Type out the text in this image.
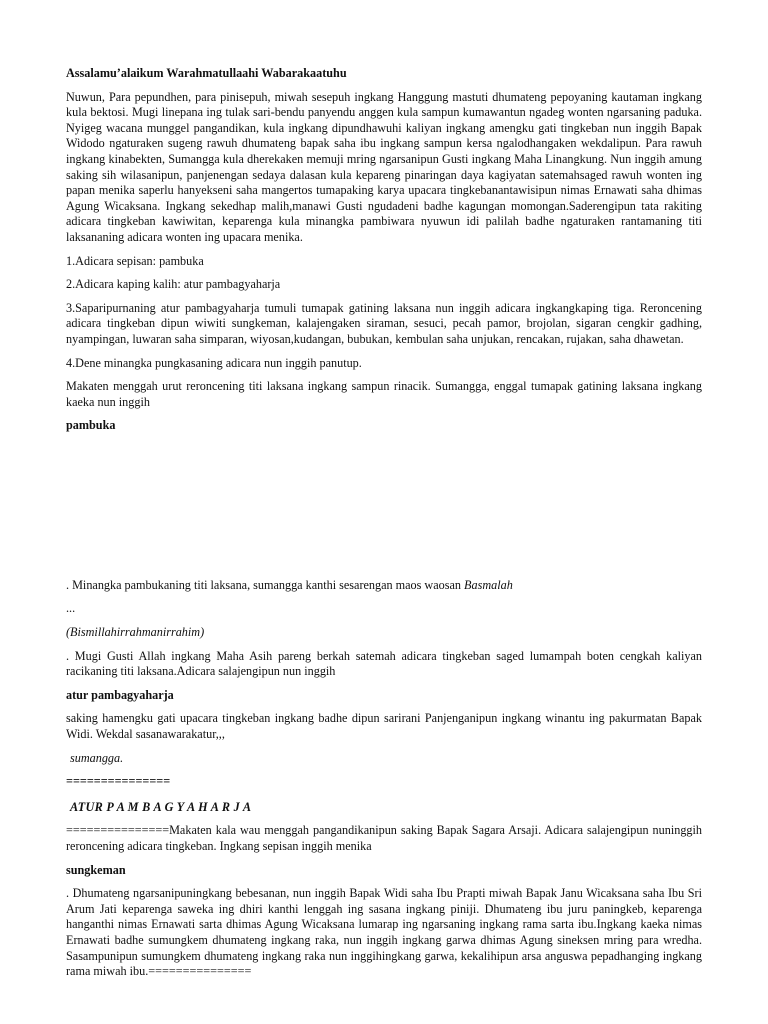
Assalamu’alaikum Warahmatullaahi Wabarakaatuhu
Nuwun, Para pepundhen, para pinisepuh, miwah sesepuh ingkang Hanggung mastuti dhumateng pepoyaning kautaman ingkang kula bektosi. Mugi linepana ing tulak sari-bendu panyendu anggen kula sampun kumawantun ngadeg wonten ngarsaning paduka. Nyigeg wacana munggel pangandikan, kula ingkang dipundhawuhi kaliyan ingkang amengku gati tingkeban nun inggih Bapak Widodo ngaturaken sugeng rawuh dhumateng bapak saha ibu ingkang sampun kersa ngalodhangaken wekdalipun. Para rawuh ingkang kinabekten, Sumangga kula dherekaken memuji mring ngarsanipun Gusti ingkang Maha Linangkung. Nun inggih amung saking sih wilasanipun, panjenengan sedaya dalasan kula kepareng pinaringan daya kagiyatan satemahsaged rawuh wonten ing papan menika saperlu hanyekseni saha mangertos tumapaking karya upacara tingkebanantawisipun nimas Ernawati saha dhimas Agung Wicaksana. Ingkang sekedhap malih,manawi Gusti ngudadeni badhe kagungan momongan.Saderengipun tata rakiting adicara tingkeban kawiwitan, keparenga kula minangka pambiwara nyuwun idi palilah badhe ngaturaken rantamaning titi laksananing adicara wonten ing upacara menika.
1.Adicara sepisan: pambuka
2.Adicara kaping kalih: atur pambagyaharja
3.Saparipurnaning atur pambagyaharja tumuli tumapak gatining laksana nun inggih adicara ingkangkaping tiga. Reroncening adicara tingkeban dipun wiwiti sungkeman, kalajengaken siraman, sesuci, pecah pamor, brojolan, sigaran cengkir gadhing, nyampingan, luwaran saha simparan, wiyosan,kudangan, bubukan, kembulan saha unjukan, rencakan, rujakan, saha dhawetan.
4.Dene minangka pungkasaning adicara nun inggih panutup.
Makaten menggah urut reroncening titi laksana ingkang sampun rinacik. Sumangga, enggal tumapak gatining laksana ingkang kaeka nun inggih
pambuka
. Minangka pambukaning titi laksana, sumangga kanthi sesarengan maos waosan Basmalah
...
(Bismillahirrahmanirrahim)
. Mugi Gusti Allah ingkang Maha Asih pareng berkah satemah adicara tingkeban saged lumampah boten cengkah kaliyan racikaning titi laksana.Adicara salajengipun nun inggih
atur pambagyaharja
saking hamengku gati upacara tingkeban ingkang badhe dipun sarirani Panjenganipun ingkang winantu ing pakurmatan Bapak Widi. Wekdal sasanawarakatur,,,
sumangga.
===============
ATUR P A M B A G Y A H A R J A
===============Makaten kala wau menggah pangandikanipun saking Bapak Sagara Arsaji. Adicara salajengipun nuninggih reroncening adicara tingkeban. Ingkang sepisan inggih menika
sungkeman
. Dhumateng ngarsanipuningkang bebesanan, nun inggih Bapak Widi saha Ibu Prapti miwah Bapak Janu Wicaksana saha Ibu Sri Arum Jati keparenga saweka ing dhiri kanthi lenggah ing sasana ingkang piniji. Dhumateng ibu juru paningkeb, keparenga hanganthi nimas Ernawati sarta dhimas Agung Wicaksana lumarap ing ngarsaning ingkang rama sarta ibu.Ingkang kaeka nimas Ernawati badhe sumungkem dhumateng ingkang raka, nun inggih ingkang garwa dhimas Agung sineksen mring para wredha. Sasampunipun sumungkem dhumateng ingkang raka nun inggihingkang garwa, kekalihipun arsa anguswa pepadhanging ingkang rama miwah ibu.===============
